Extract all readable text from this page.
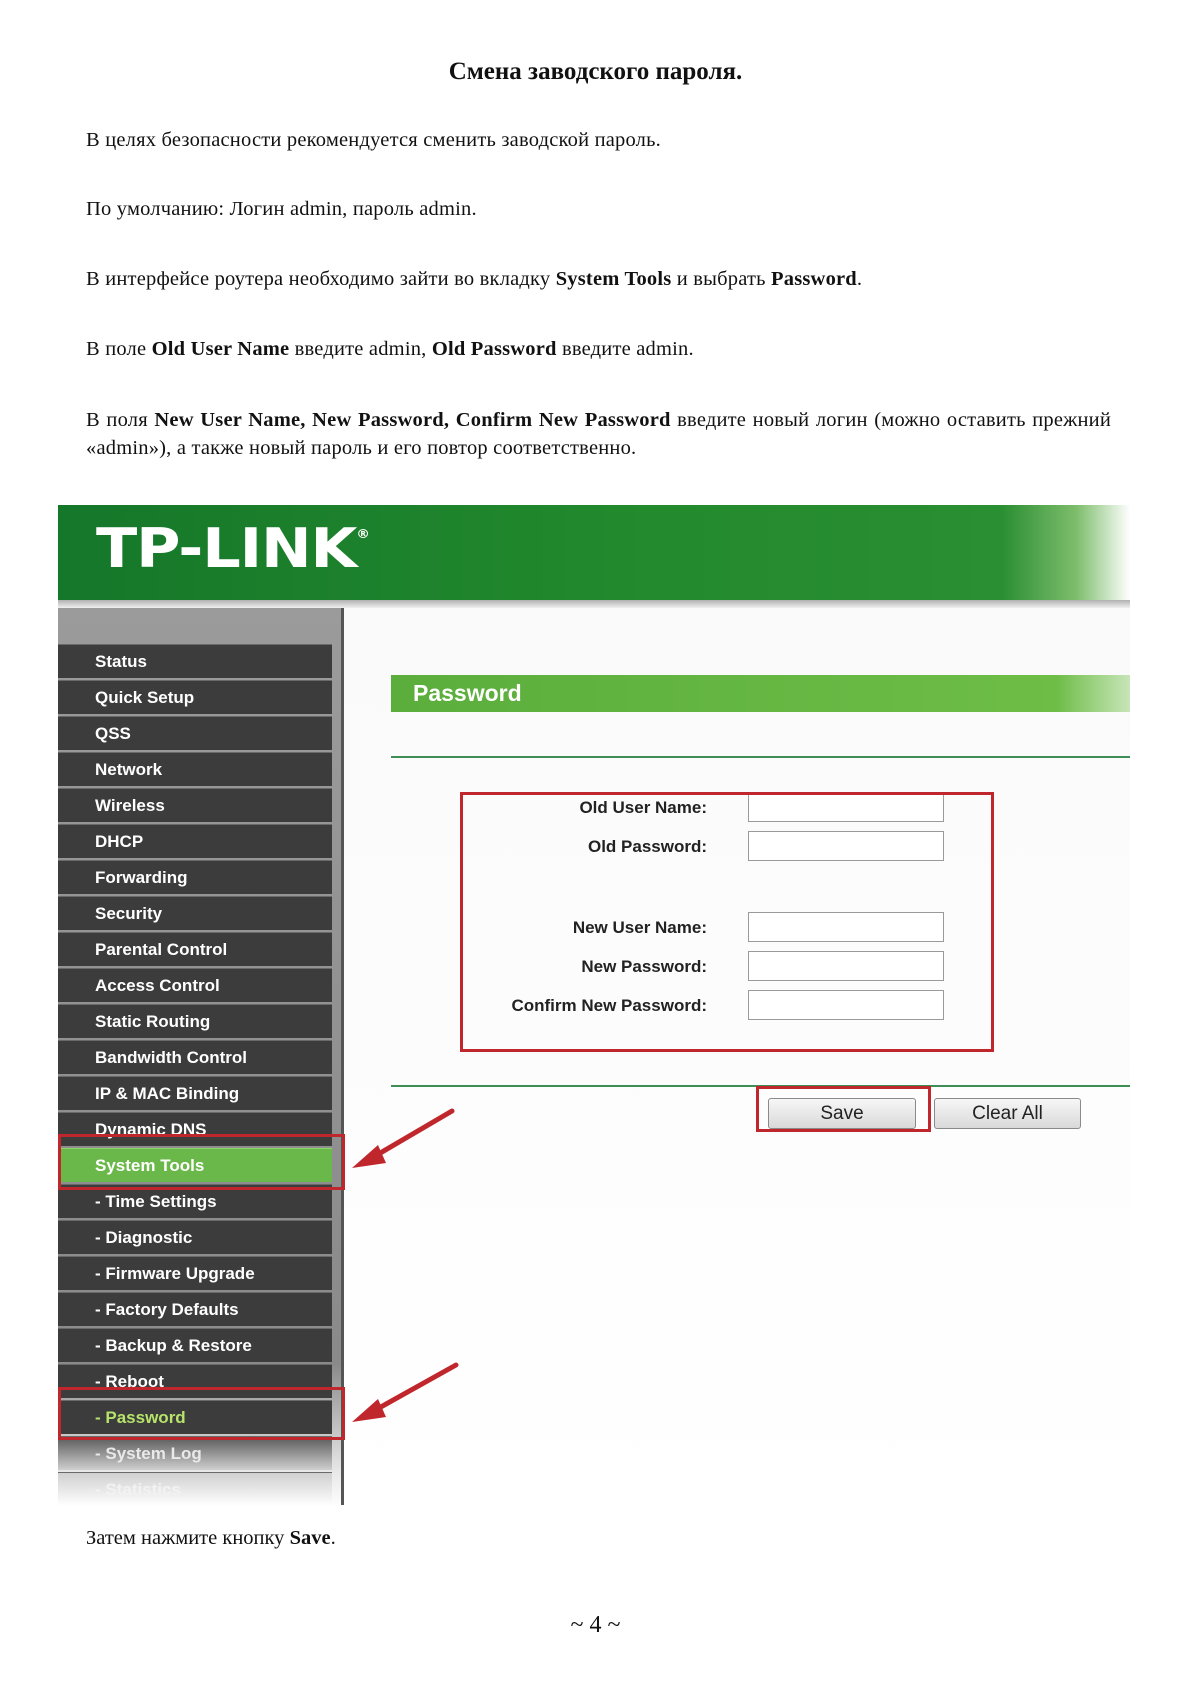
Смена заводского пароля.

В целях безопасности рекомендуется сменить заводской пароль.

По умолчанию: Логин admin, пароль admin.

В интерфейсе роутера необходимо зайти во вкладку System Tools и выбрать Password.

В поле Old User Name введите admin, Old Password введите admin.

В поля New User Name, New Password, Confirm New Password введите новый логин (можно оставить прежний «admin»), а также новый пароль и его повтор соответственно.

TP-LINK®
Status
Quick Setup
QSS
Network
Wireless
DHCP
Forwarding
Security
Parental Control
Access Control
Static Routing
Bandwidth Control
IP & MAC Binding
Dynamic DNS
System Tools
- Time Settings
- Diagnostic
- Firmware Upgrade
- Factory Defaults
- Backup & Restore
- Reboot
- Password
- System Log
- Statistics
Password
Old User Name:
Old Password:
New User Name:
New Password:
Confirm New Password:
Save	Clear All

Затем нажмите кнопку Save.

~ 4 ~
